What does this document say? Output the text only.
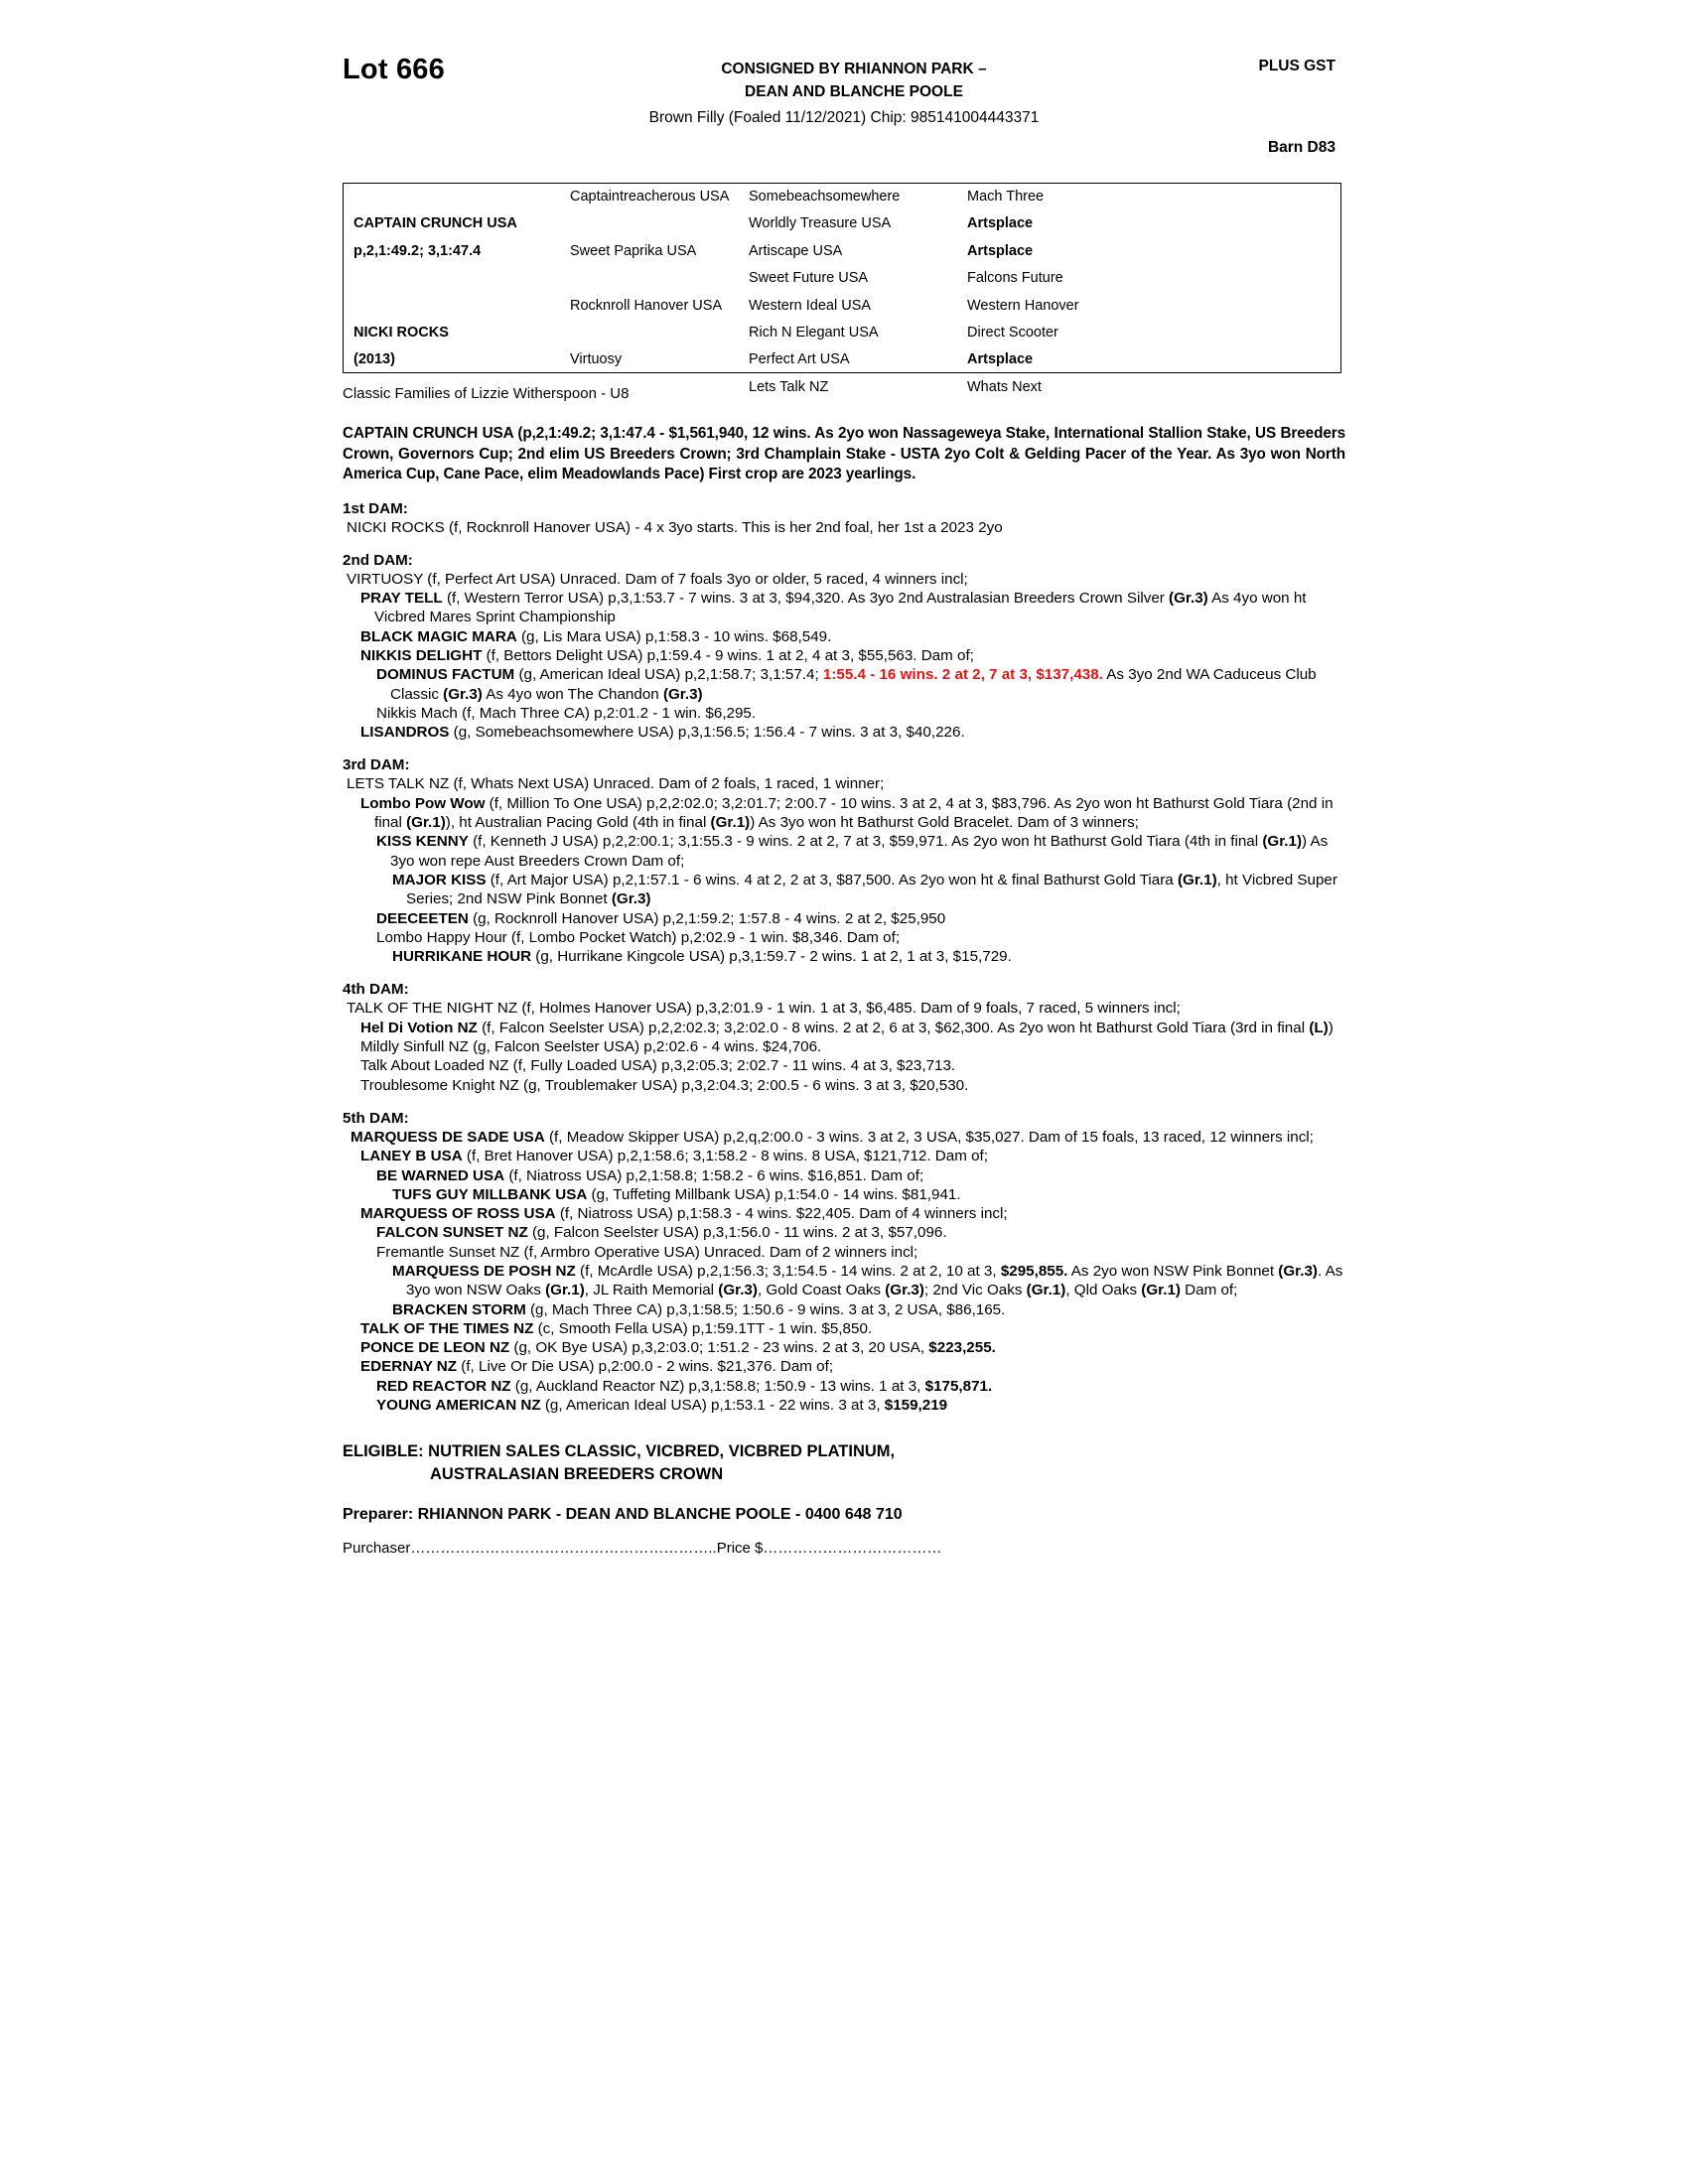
Lot 666	CONSIGNED BY RHIANNON PARK –
DEAN AND BLANCHE POOLE
PLUS GST
Brown Filly (Foaled 11/12/2021) Chip: 985141004443371
Barn D83
CAPTAIN CRUNCH USA
p,2,1:49.2; 3,1:47.4
NICKI ROCKS
(2013)
Captaintreacherous USA
Sweet Paprika USA
Rocknroll Hanover USA
Virtuosy
Somebeachsomewhere
Worldly Treasure USA
Artiscape USA
Sweet Future USA
Western Ideal USA
Rich N Elegant USA
Perfect Art USA
Lets Talk NZ
Mach Three
Artsplace
Artsplace
Falcons Future
Western Hanover
Direct Scooter
Artsplace
Whats Next
Classic Families of Lizzie Witherspoon - U8
CAPTAIN CRUNCH USA (p,2,1:49.2; 3,1:47.4 - $1,561,940, 12 wins. As 2yo won Nassageweya Stake, International Stallion Stake, US Breeders Crown, Governors Cup; 2nd elim US Breeders Crown; 3rd Champlain Stake - USTA 2yo Colt & Gelding Pacer of the Year. As 3yo won North America Cup, Cane Pace, elim Meadowlands Pace) First crop are 2023 yearlings.
1st DAM:
NICKI ROCKS (f, Rocknroll Hanover USA) - 4 x 3yo starts. This is her 2nd foal, her 1st a 2023 2yo
2nd DAM:
VIRTUOSY (f, Perfect Art USA) Unraced. Dam of 7 foals 3yo or older, 5 raced, 4 winners incl;
PRAY TELL (f, Western Terror USA) p,3,1:53.7 - 7 wins. 3 at 3, $94,320. As 3yo 2nd Australasian Breeders Crown Silver (Gr.3) As 4yo won ht Vicbred Mares Sprint Championship
BLACK MAGIC MARA (g, Lis Mara USA) p,1:58.3 - 10 wins. $68,549.
NIKKIS DELIGHT (f, Bettors Delight USA) p,1:59.4 - 9 wins. 1 at 2, 4 at 3, $55,563. Dam of;
DOMINUS FACTUM (g, American Ideal USA) p,2,1:58.7; 3,1:57.4; 1:55.4 - 16 wins. 2 at 2, 7 at 3, $137,438. As 3yo 2nd WA Caduceus Club Classic (Gr.3) As 4yo won The Chandon (Gr.3)
Nikkis Mach (f, Mach Three CA) p,2:01.2 - 1 win. $6,295.
LISANDROS (g, Somebeachsomewhere USA) p,3,1:56.5; 1:56.4 - 7 wins. 3 at 3, $40,226.
3rd DAM:
LETS TALK NZ (f, Whats Next USA) Unraced. Dam of 2 foals, 1 raced, 1 winner;
Lombo Pow Wow (f, Million To One USA) p,2,2:02.0; 3,2:01.7; 2:00.7 - 10 wins. 3 at 2, 4 at 3, $83,796. As 2yo won ht Bathurst Gold Tiara (2nd in final (Gr.1)), ht Australian Pacing Gold (4th in final (Gr.1)) As 3yo won ht Bathurst Gold Bracelet. Dam of 3 winners;
KISS KENNY (f, Kenneth J USA) p,2,2:00.1; 3,1:55.3 - 9 wins. 2 at 2, 7 at 3, $59,971. As 2yo won ht Bathurst Gold Tiara (4th in final (Gr.1)) As 3yo won repe Aust Breeders Crown Dam of;
MAJOR KISS (f, Art Major USA) p,2,1:57.1 - 6 wins. 4 at 2, 2 at 3, $87,500. As 2yo won ht & final Bathurst Gold Tiara (Gr.1), ht Vicbred Super Series; 2nd NSW Pink Bonnet (Gr.3)
DEECEETEN (g, Rocknroll Hanover USA) p,2,1:59.2; 1:57.8 - 4 wins. 2 at 2, $25,950
Lombo Happy Hour (f, Lombo Pocket Watch) p,2:02.9 - 1 win. $8,346. Dam of;
HURRIKANE HOUR (g, Hurrikane Kingcole USA) p,3,1:59.7 - 2 wins. 1 at 2, 1 at 3, $15,729.
4th DAM:
TALK OF THE NIGHT NZ (f, Holmes Hanover USA) p,3,2:01.9 - 1 win. 1 at 3, $6,485. Dam of 9 foals, 7 raced, 5 winners incl;
Hel Di Votion NZ (f, Falcon Seelster USA) p,2,2:02.3; 3,2:02.0 - 8 wins. 2 at 2, 6 at 3, $62,300. As 2yo won ht Bathurst Gold Tiara (3rd in final (L))
Mildly Sinfull NZ (g, Falcon Seelster USA) p,2:02.6 - 4 wins. $24,706.
Talk About Loaded NZ (f, Fully Loaded USA) p,3,2:05.3; 2:02.7 - 11 wins. 4 at 3, $23,713.
Troublesome Knight NZ (g, Troublemaker USA) p,3,2:04.3; 2:00.5 - 6 wins. 3 at 3, $20,530.
5th DAM:
MARQUESS DE SADE USA (f, Meadow Skipper USA) p,2,q,2:00.0 - 3 wins. 3 at 2, 3 USA, $35,027. Dam of 15 foals, 13 raced, 12 winners incl;
LANEY B USA (f, Bret Hanover USA) p,2,1:58.6; 3,1:58.2 - 8 wins. 8 USA, $121,712. Dam of;
BE WARNED USA (f, Niatross USA) p,2,1:58.8; 1:58.2 - 6 wins. $16,851. Dam of;
TUFS GUY MILLBANK USA (g, Tuffeting Millbank USA) p,1:54.0 - 14 wins. $81,941.
MARQUESS OF ROSS USA (f, Niatross USA) p,1:58.3 - 4 wins. $22,405. Dam of 4 winners incl;
FALCON SUNSET NZ (g, Falcon Seelster USA) p,3,1:56.0 - 11 wins. 2 at 3, $57,096.
Fremantle Sunset NZ (f, Armbro Operative USA) Unraced. Dam of 2 winners incl;
MARQUESS DE POSH NZ (f, McArdle USA) p,2,1:56.3; 3,1:54.5 - 14 wins. 2 at 2, 10 at 3, $295,855. As 2yo won NSW Pink Bonnet (Gr.3). As 3yo won NSW Oaks (Gr.1), JL Raith Memorial (Gr.3), Gold Coast Oaks (Gr.3); 2nd Vic Oaks (Gr.1), Qld Oaks (Gr.1) Dam of;
BRACKEN STORM (g, Mach Three CA) p,3,1:58.5; 1:50.6 - 9 wins. 3 at 3, 2 USA, $86,165.
TALK OF THE TIMES NZ (c, Smooth Fella USA) p,1:59.1TT - 1 win. $5,850.
PONCE DE LEON NZ (g, OK Bye USA) p,3,2:03.0; 1:51.2 - 23 wins. 2 at 3, 20 USA, $223,255.
EDERNAY NZ (f, Live Or Die USA) p,2:00.0 - 2 wins. $21,376. Dam of;
RED REACTOR NZ (g, Auckland Reactor NZ) p,3,1:58.8; 1:50.9 - 13 wins. 1 at 3, $175,871.
YOUNG AMERICAN NZ (g, American Ideal USA) p,1:53.1 - 22 wins. 3 at 3, $159,219
ELIGIBLE: NUTRIEN SALES CLASSIC, VICBRED, VICBRED PLATINUM,
AUSTRALASIAN BREEDERS CROWN
Preparer: RHIANNON PARK - DEAN AND BLANCHE POOLE - 0400 648 710
Purchaser……………………………………………………..Price $………………………………
